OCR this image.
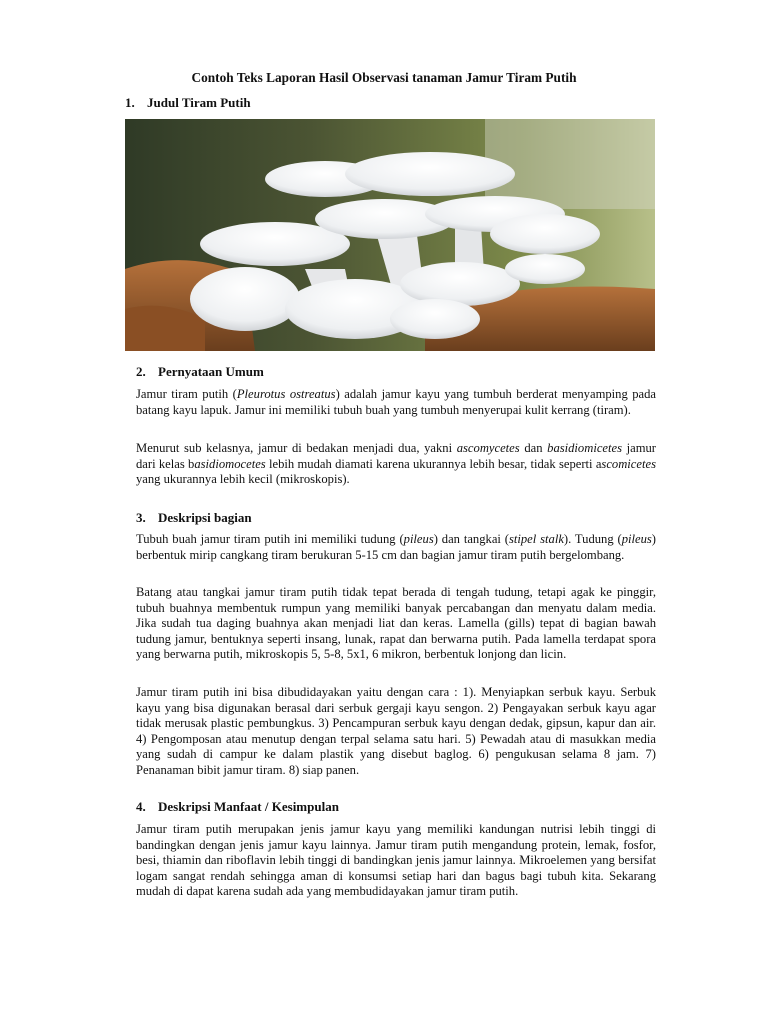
Contoh Teks Laporan Hasil Observasi tanaman Jamur Tiram Putih
1. Judul Tiram Putih
2. Pernyataan Umum

Jamur tiram putih (Pleurotus ostreatus) adalah jamur kayu yang tumbuh berderat menyamping pada batang kayu lapuk. Jamur ini memiliki tubuh buah yang tumbuh menyerupai kulit kerrang (tiram).

Menurut sub kelasnya, jamur di bedakan menjadi dua, yakni ascomycetes dan basidiomicetes jamur dari kelas basidiomocetes lebih mudah diamati karena ukurannya lebih besar, tidak seperti ascomicetes yang ukurannya lebih kecil (mikroskopis).

3. Deskripsi bagian

Tubuh buah jamur tiram putih ini memiliki tudung (pileus) dan tangkai (stipel stalk). Tudung (pileus) berbentuk mirip cangkang tiram berukuran 5-15 cm dan bagian jamur tiram putih bergelombang.

Batang atau tangkai jamur tiram putih tidak tepat berada di tengah tudung, tetapi agak ke pinggir, tubuh buahnya membentuk rumpun yang memiliki banyak percabangan dan menyatu dalam media. Jika sudah tua daging buahnya akan menjadi liat dan keras. Lamella (gills) tepat di bagian bawah tudung jamur, bentuknya seperti insang, lunak, rapat dan berwarna putih. Pada lamella terdapat spora yang berwarna putih, mikroskopis 5, 5-8, 5x1, 6 mikron, berbentuk lonjong dan licin.

Jamur tiram putih ini bisa dibudidayakan yaitu dengan cara : 1). Menyiapkan serbuk kayu. Serbuk kayu yang bisa digunakan berasal dari serbuk gergaji kayu sengon. 2) Pengayakan serbuk kayu agar tidak merusak plastic pembungkus. 3) Pencampuran serbuk kayu dengan dedak, gipsun, kapur dan air. 4) Pengomposan atau menutup dengan terpal selama satu hari. 5) Pewadah atau di masukkan media yang sudah di campur ke dalam plastik yang disebut baglog. 6) pengukusan selama 8 jam. 7) Penanaman bibit jamur tiram. 8) siap panen.

4. Deskripsi Manfaat / Kesimpulan

Jamur tiram putih merupakan jenis jamur kayu yang memiliki kandungan nutrisi lebih tinggi di bandingkan dengan jenis jamur kayu lainnya. Jamur tiram putih mengandung protein, lemak, fosfor, besi, thiamin dan riboflavin lebih tinggi di bandingkan jenis jamur lainnya. Mikroelemen yang bersifat logam sangat rendah sehingga aman di konsumsi setiap hari dan bagus bagi tubuh kita. Sekarang mudah di dapat karena sudah ada yang membudidayakan jamur tiram putih.
